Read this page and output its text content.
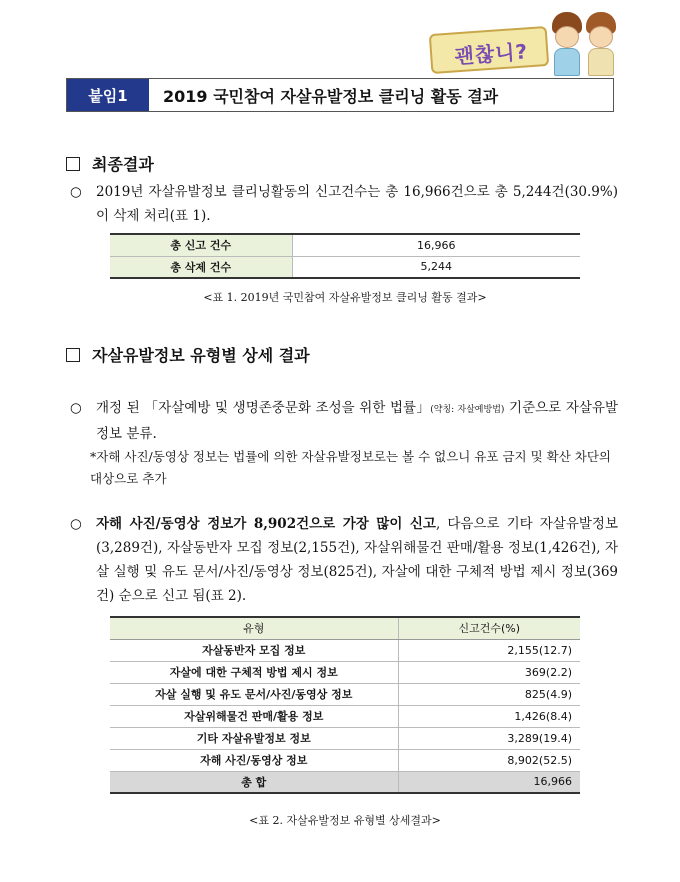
괜찮니?
붙임1	2019 국민참여 자살유발정보 클리닝 활동 결과
최종결과
○ 2019년 자살유발정보 클리닝활동의 신고건수는 총 16,966건으로 총 5,244건(30.9%)이 삭제 처리(표 1).
총 신고 건수	16,966
총 삭제 건수	5,244
<표 1. 2019년 국민참여 자살유발정보 클리닝 활동 결과>
자살유발정보 유형별 상세 결과
○ 개정 된 「자살예방 및 생명존중문화 조성을 위한 법률」(약칭: 자살예방법) 기준으로 자살유발정보 분류.
*자해 사진/동영상 정보는 법률에 의한 자살유발정보로는 볼 수 없으니 유포 금지 및 확산 차단의 대상으로 추가
○ 자해 사진/동영상 정보가 8,902건으로 가장 많이 신고, 다음으로 기타 자살유발정보(3,289건), 자살동반자 모집 정보(2,155건), 자살위해물건 판매/활용 정보(1,426건), 자살 실행 및 유도 문서/사진/동영상 정보(825건), 자살에 대한 구체적 방법 제시 정보(369건) 순으로 신고 됨(표 2).
유형	신고건수(%)
자살동반자 모집 정보	2,155(12.7)
자살에 대한 구체적 방법 제시 정보	369(2.2)
자살 실행 및 유도 문서/사진/동영상 정보	825(4.9)
자살위해물건 판매/활용 정보	1,426(8.4)
기타 자살유발정보 정보	3,289(19.4)
자해 사진/동영상 정보	8,902(52.5)
총 합	16,966
<표 2. 자살유발정보 유형별 상세결과>
